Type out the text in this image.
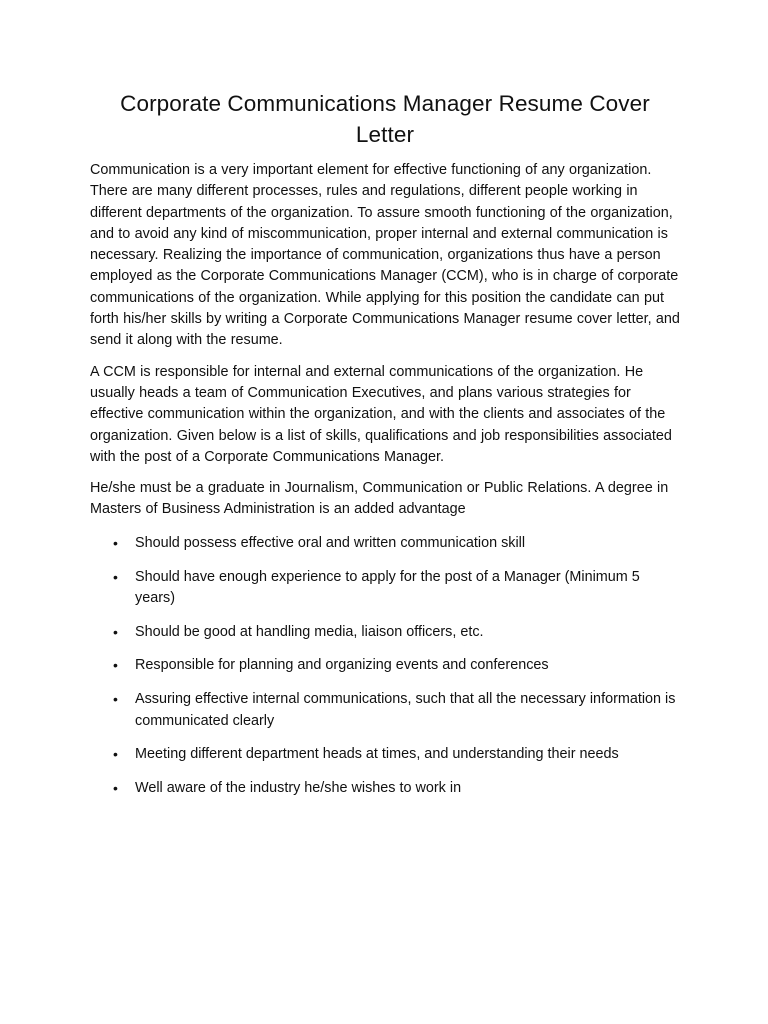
Corporate Communications Manager Resume Cover Letter

Communication is a very important element for effective functioning of any organization. There are many different processes, rules and regulations, different people working in different departments of the organization. To assure smooth functioning of the organization, and to avoid any kind of miscommunication, proper internal and external communication is necessary. Realizing the importance of communication, organizations thus have a person employed as the Corporate Communications Manager (CCM), who is in charge of corporate communications of the organization. While applying for this position the candidate can put forth his/her skills by writing a Corporate Communications Manager resume cover letter, and send it along with the resume.

A CCM is responsible for internal and external communications of the organization. He usually heads a team of Communication Executives, and plans various strategies for effective communication within the organization, and with the clients and associates of the organization. Given below is a list of skills, qualifications and job responsibilities associated with the post of a Corporate Communications Manager.

He/she must be a graduate in Journalism, Communication or Public Relations. A degree in Masters of Business Administration is an added advantage

• Should possess effective oral and written communication skill
• Should have enough experience to apply for the post of a Manager (Minimum 5 years)
• Should be good at handling media, liaison officers, etc.
• Responsible for planning and organizing events and conferences
• Assuring effective internal communications, such that all the necessary information is communicated clearly
• Meeting different department heads at times, and understanding their needs
• Well aware of the industry he/she wishes to work in
